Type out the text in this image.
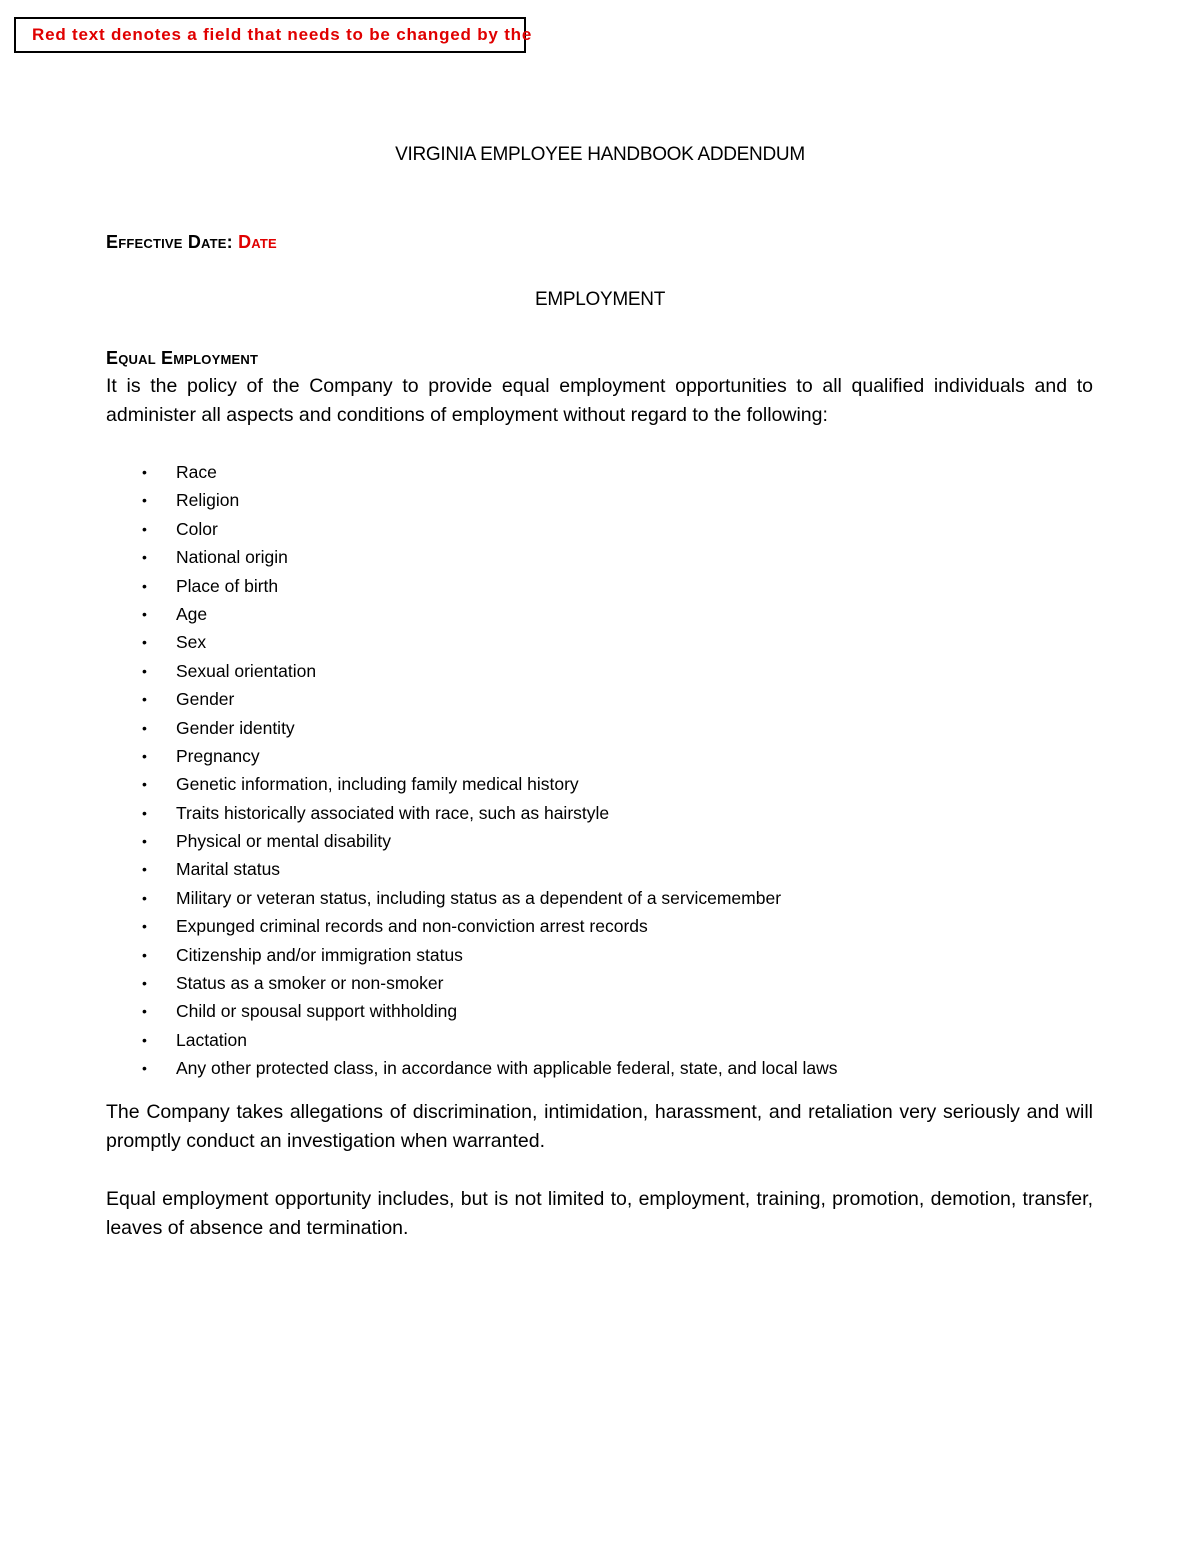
Red text denotes a field that needs to be changed by the
VIRGINIA EMPLOYEE HANDBOOK ADDENDUM
Effective Date: Date
EMPLOYMENT
Equal Employment
It is the policy of the Company to provide equal employment opportunities to all qualified individuals and to administer all aspects and conditions of employment without regard to the following:
• Race
• Religion
• Color
• National origin
• Place of birth
• Age
• Sex
• Sexual orientation
• Gender
• Gender identity
• Pregnancy
• Genetic information, including family medical history
• Traits historically associated with race, such as hairstyle
• Physical or mental disability
• Marital status
• Military or veteran status, including status as a dependent of a servicemember
• Expunged criminal records and non-conviction arrest records
• Citizenship and/or immigration status
• Status as a smoker or non-smoker
• Child or spousal support withholding
• Lactation
• Any other protected class, in accordance with applicable federal, state, and local laws
The Company takes allegations of discrimination, intimidation, harassment, and retaliation very seriously and will promptly conduct an investigation when warranted.
Equal employment opportunity includes, but is not limited to, employment, training, promotion, demotion, transfer, leaves of absence and termination.
